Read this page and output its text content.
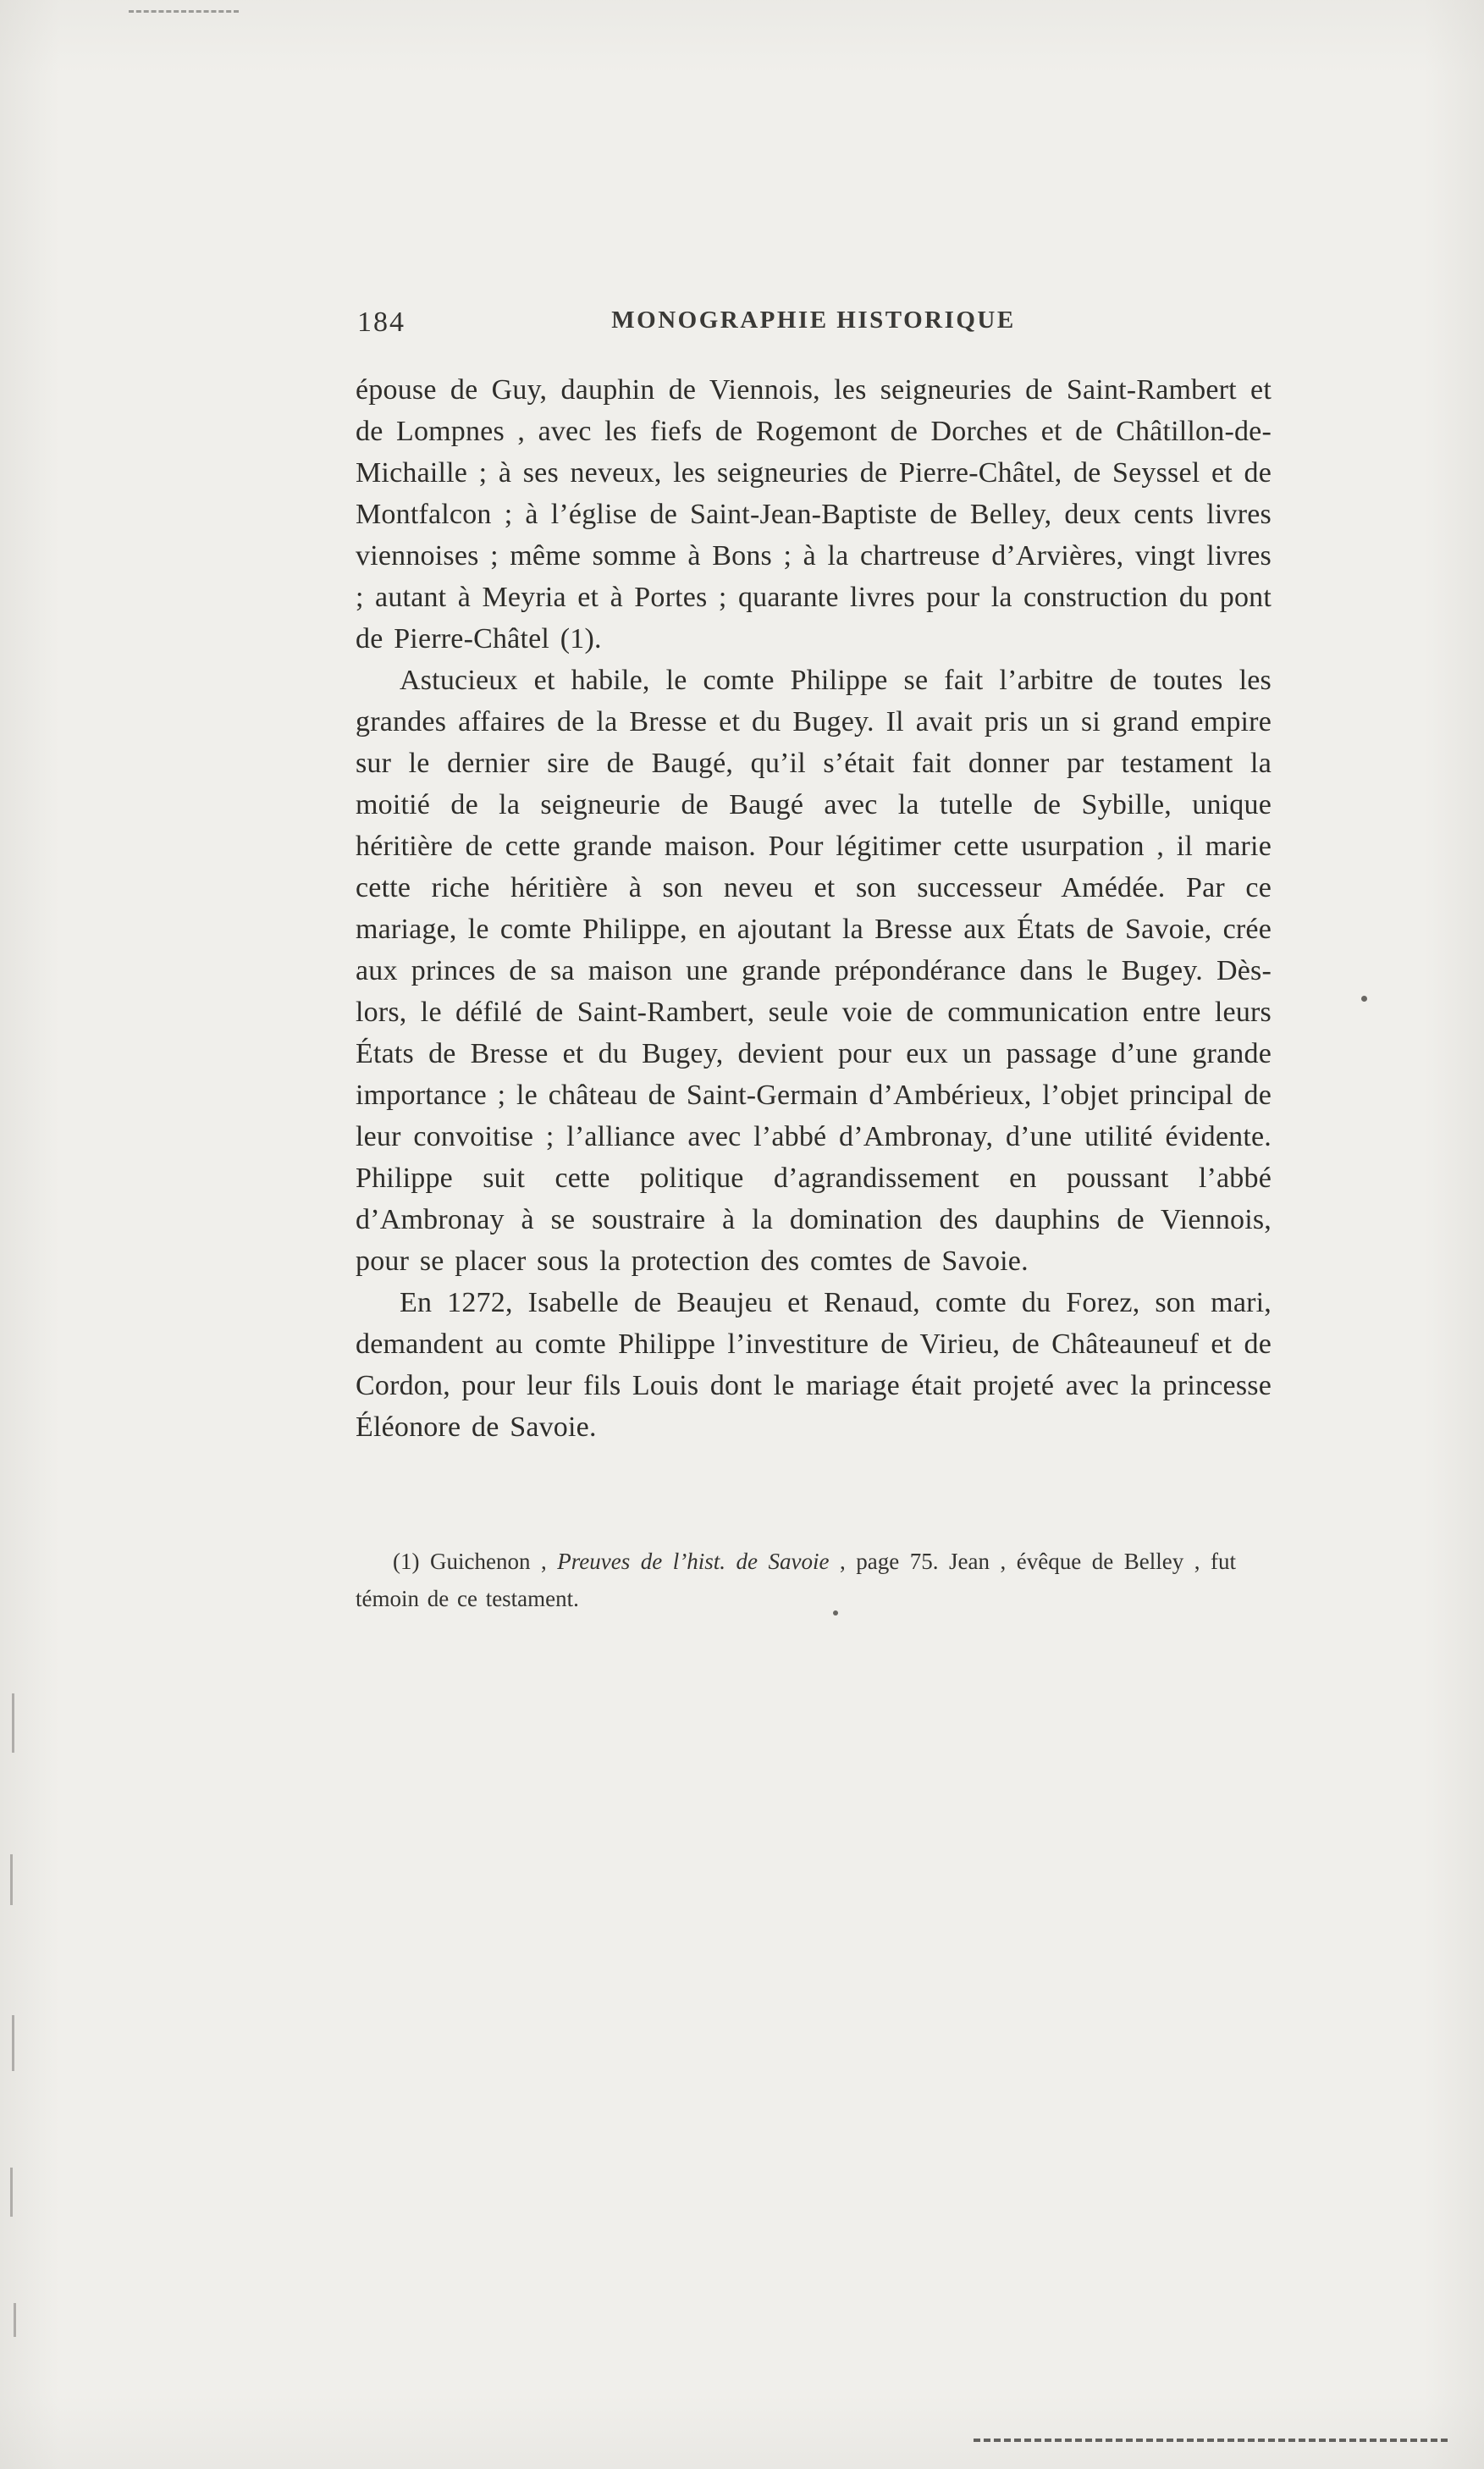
184	MONOGRAPHIE HISTORIQUE

épouse de Guy, dauphin de Viennois, les seigneuries de Saint-Rambert et de Lompnes , avec les fiefs de Rogemont de Dorches et de Châtillon-de-Michaille ; à ses neveux, les seigneuries de Pierre-Châtel, de Seyssel et de Montfalcon ; à l’église de Saint-Jean-Baptiste de Belley, deux cents livres viennoises ; même somme à Bons ; à la chartreuse d’Arvières, vingt livres ; autant à Meyria et à Portes ; quarante livres pour la construction du pont de Pierre-Châtel (1).

Astucieux et habile, le comte Philippe se fait l’arbitre de toutes les grandes affaires de la Bresse et du Bugey. Il avait pris un si grand empire sur le dernier sire de Baugé, qu’il s’était fait donner par testament la moitié de la seigneurie de Baugé avec la tutelle de Sybille, unique héritière de cette grande maison. Pour légitimer cette usurpation , il marie cette riche héritière à son neveu et son successeur Amédée. Par ce mariage, le comte Philippe, en ajoutant la Bresse aux États de Savoie, crée aux princes de sa maison une grande prépondérance dans le Bugey. Dès-lors, le défilé de Saint-Rambert, seule voie de communication entre leurs États de Bresse et du Bugey, devient pour eux un passage d’une grande importance ; le château de Saint-Germain d’Ambérieux, l’objet principal de leur convoitise ; l’alliance avec l’abbé d’Ambronay, d’une utilité évidente. Philippe suit cette politique d’agrandissement en poussant l’abbé d’Ambronay à se soustraire à la domination des dauphins de Viennois, pour se placer sous la protection des comtes de Savoie.

En 1272, Isabelle de Beaujeu et Renaud, comte du Forez, son mari, demandent au comte Philippe l’investiture de Virieu, de Châteauneuf et de Cordon, pour leur fils Louis dont le mariage était projeté avec la princesse Éléonore de Savoie.

(1) Guichenon , Preuves de l’hist. de Savoie , page 75. Jean , évêque de Belley , fut témoin de ce testament.
